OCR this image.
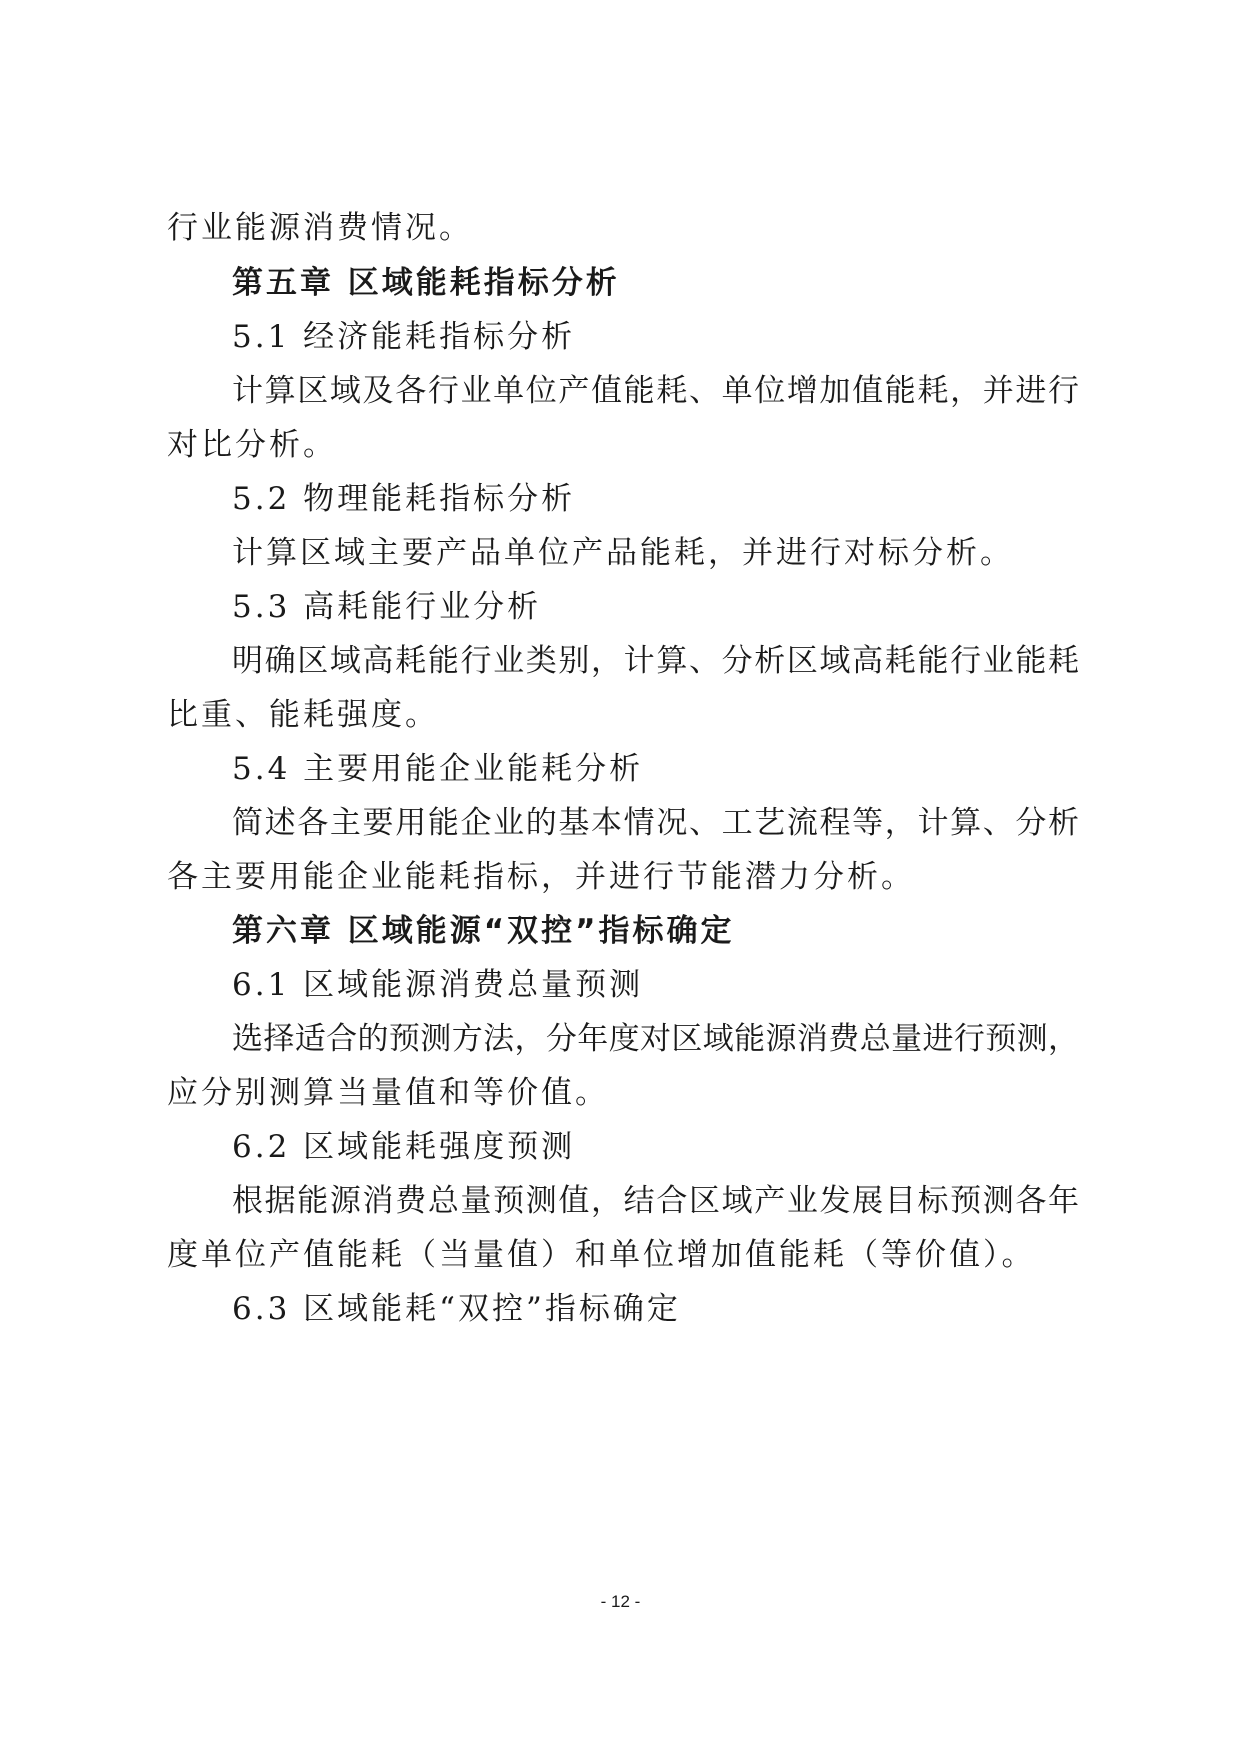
行业能源消费情况。
第五章 区域能耗指标分析
5.1 经济能耗指标分析
计算区域及各行业单位产值能耗、单位增加值能耗，并进行
对比分析。
5.2 物理能耗指标分析
计算区域主要产品单位产品能耗，并进行对标分析。
5.3 高耗能行业分析
明确区域高耗能行业类别，计算、分析区域高耗能行业能耗
比重、能耗强度。
5.4 主要用能企业能耗分析
简述各主要用能企业的基本情况、工艺流程等，计算、分析
各主要用能企业能耗指标，并进行节能潜力分析。
第六章 区域能源“双控”指标确定
6.1 区域能源消费总量预测
选择适合的预测方法，分年度对区域能源消费总量进行预测，
应分别测算当量值和等价值。
6.2 区域能耗强度预测
根据能源消费总量预测值，结合区域产业发展目标预测各年
度单位产值能耗（当量值）和单位增加值能耗（等价值）。
6.3 区域能耗“双控”指标确定
- 12 -
